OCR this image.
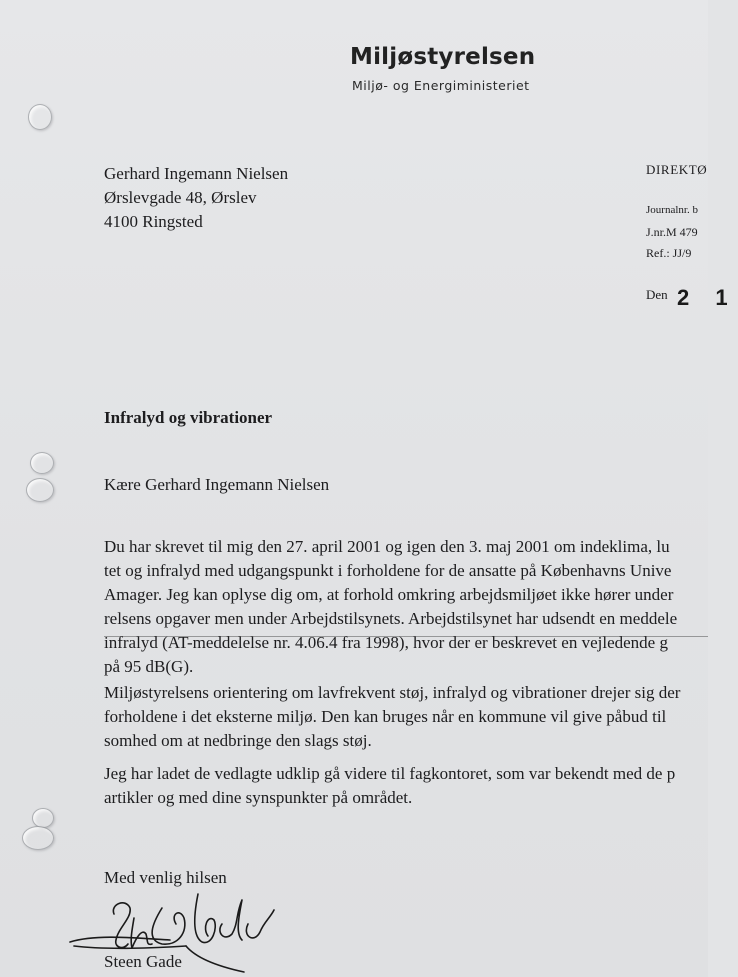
Miljøstyrelsen
Miljø- og Energiministeriet
Gerhard Ingemann Nielsen
Ørslevgade 48, Ørslev
4100 Ringsted
DIREKTØ
Journalnr. b
J.nr.M 479
Ref.: JJ/9
Den 2 1
Infralyd og vibrationer
Kære Gerhard Ingemann Nielsen
Du har skrevet til mig den 27. april 2001 og igen den 3. maj 2001 om indeklima, lu
tet og infralyd med udgangspunkt i forholdene for de ansatte på Københavns Unive
Amager. Jeg kan oplyse dig om, at forhold omkring arbejdsmiljøet ikke hører under
relsens opgaver men under Arbejdstilsynets. Arbejdstilsynet har udsendt en meddele
infralyd (AT-meddelelse nr. 4.06.4 fra 1998), hvor der er beskrevet en vejledende g
på 95 dB(G).
Miljøstyrelsens orientering om lavfrekvent støj, infralyd og vibrationer drejer sig der
forholdene i det eksterne miljø. Den kan bruges når en kommune vil give påbud til
somhed om at nedbringe den slags støj.
Jeg har ladet de vedlagte udklip gå videre til fagkontoret, som var bekendt med de p
artikler og med dine synspunkter på området.
Med venlig hilsen
Steen Gade
